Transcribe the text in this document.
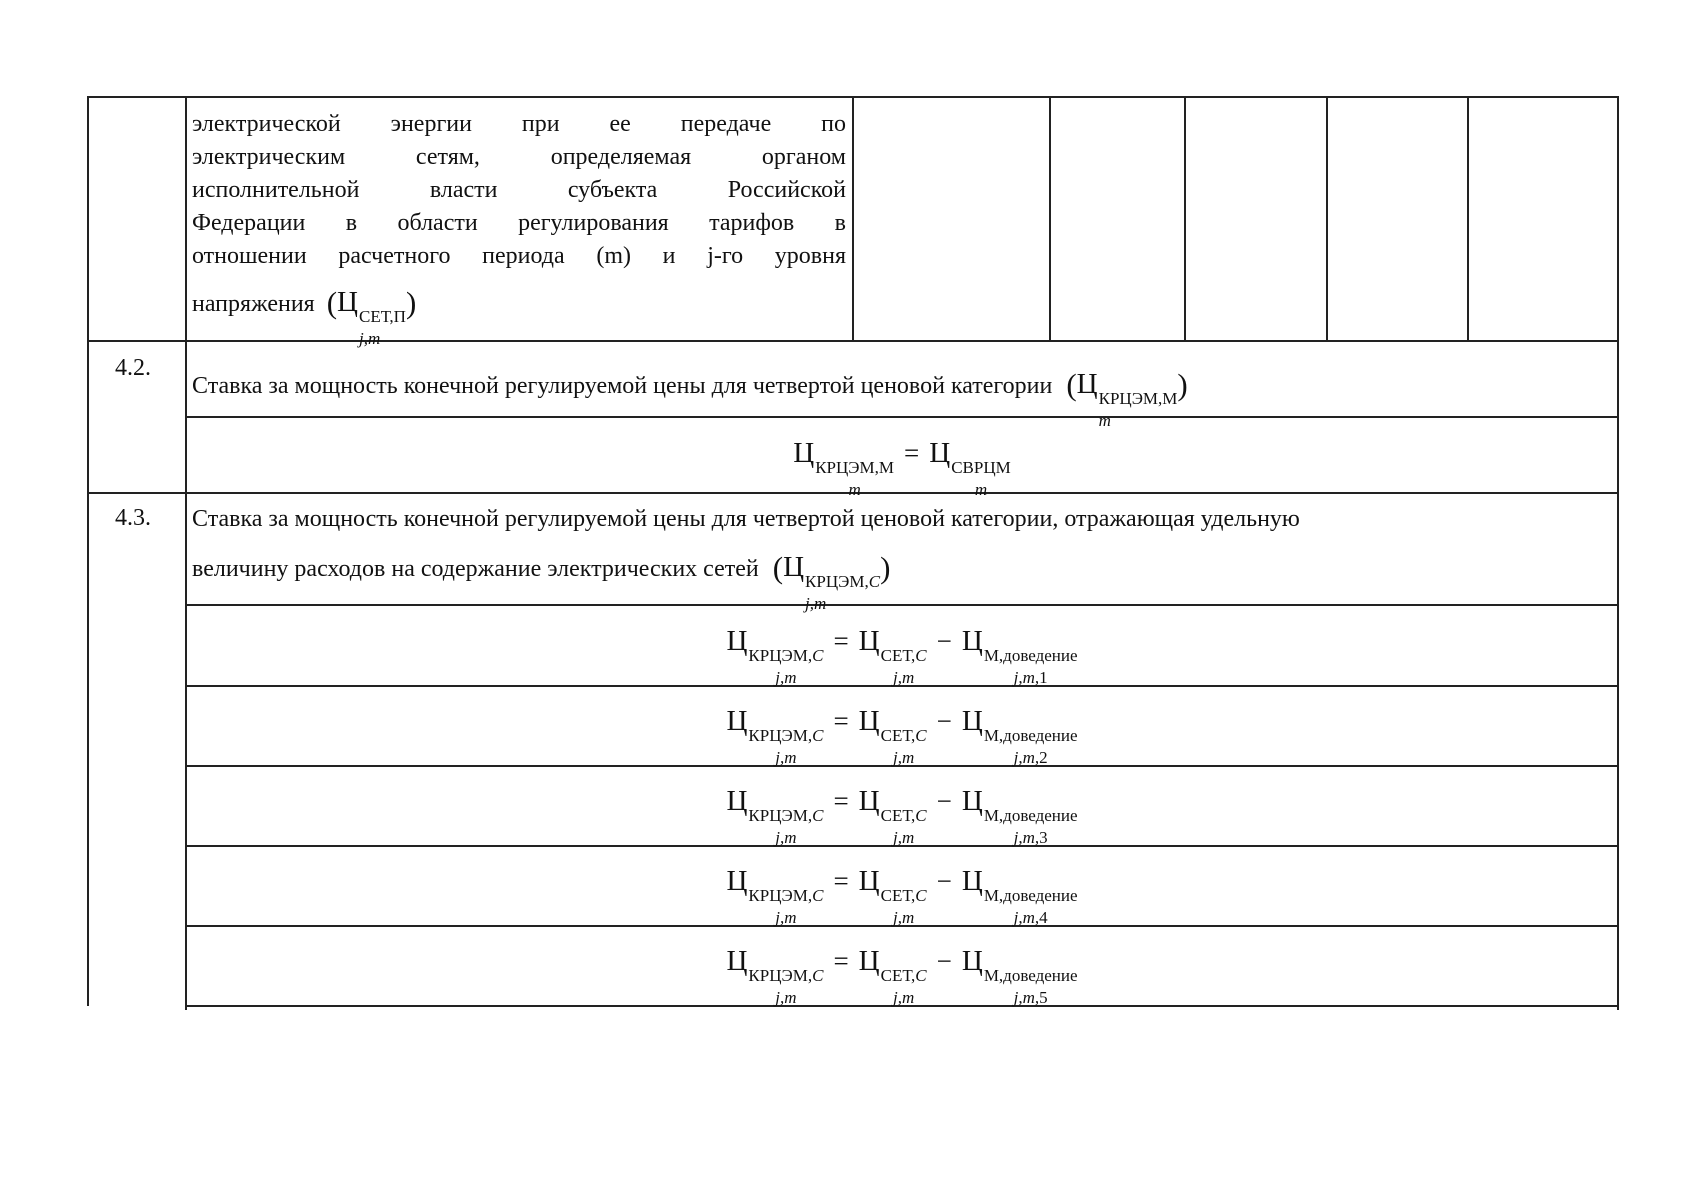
электрической энергии при ее передаче по
электрическим сетям, определяемая органом
исполнительной власти субъекта Российской
Федерации в области регулирования тарифов в
отношении расчетного периода (m) и j-го уровня
напряжения (Ц СЕТ,П
j,m
)
4.2.
Ставка за мощность конечной регулируемой цены для четвертой ценовой категории (Ц КРЦЭМ,М
m
)
Ц КРЦЭМ,М
m
= Ц СВРЦМ
m
4.3. Ставка за мощность конечной регулируемой цены для четвертой ценовой категории, отражающая удельную
величину расходов на содержание электрических сетей (Ц КРЦЭМ,C
j,m
)
Ц КРЦЭМ,C
j,m
= Ц СЕТ,C
j,m
− Ц М,доведение
j,m,1
Ц КРЦЭМ,C
j,m
= Ц СЕТ,C
j,m
− Ц М,доведение
j,m,2
Ц КРЦЭМ,C
j,m
= Ц СЕТ,C
j,m
− Ц М,доведение
j,m,3
Ц КРЦЭМ,C
j,m
= Ц СЕТ,C
j,m
− Ц М,доведение
j,m,4
Ц КРЦЭМ,C
j,m
= Ц СЕТ,C
j,m
− Ц М,доведение
j,m,5
